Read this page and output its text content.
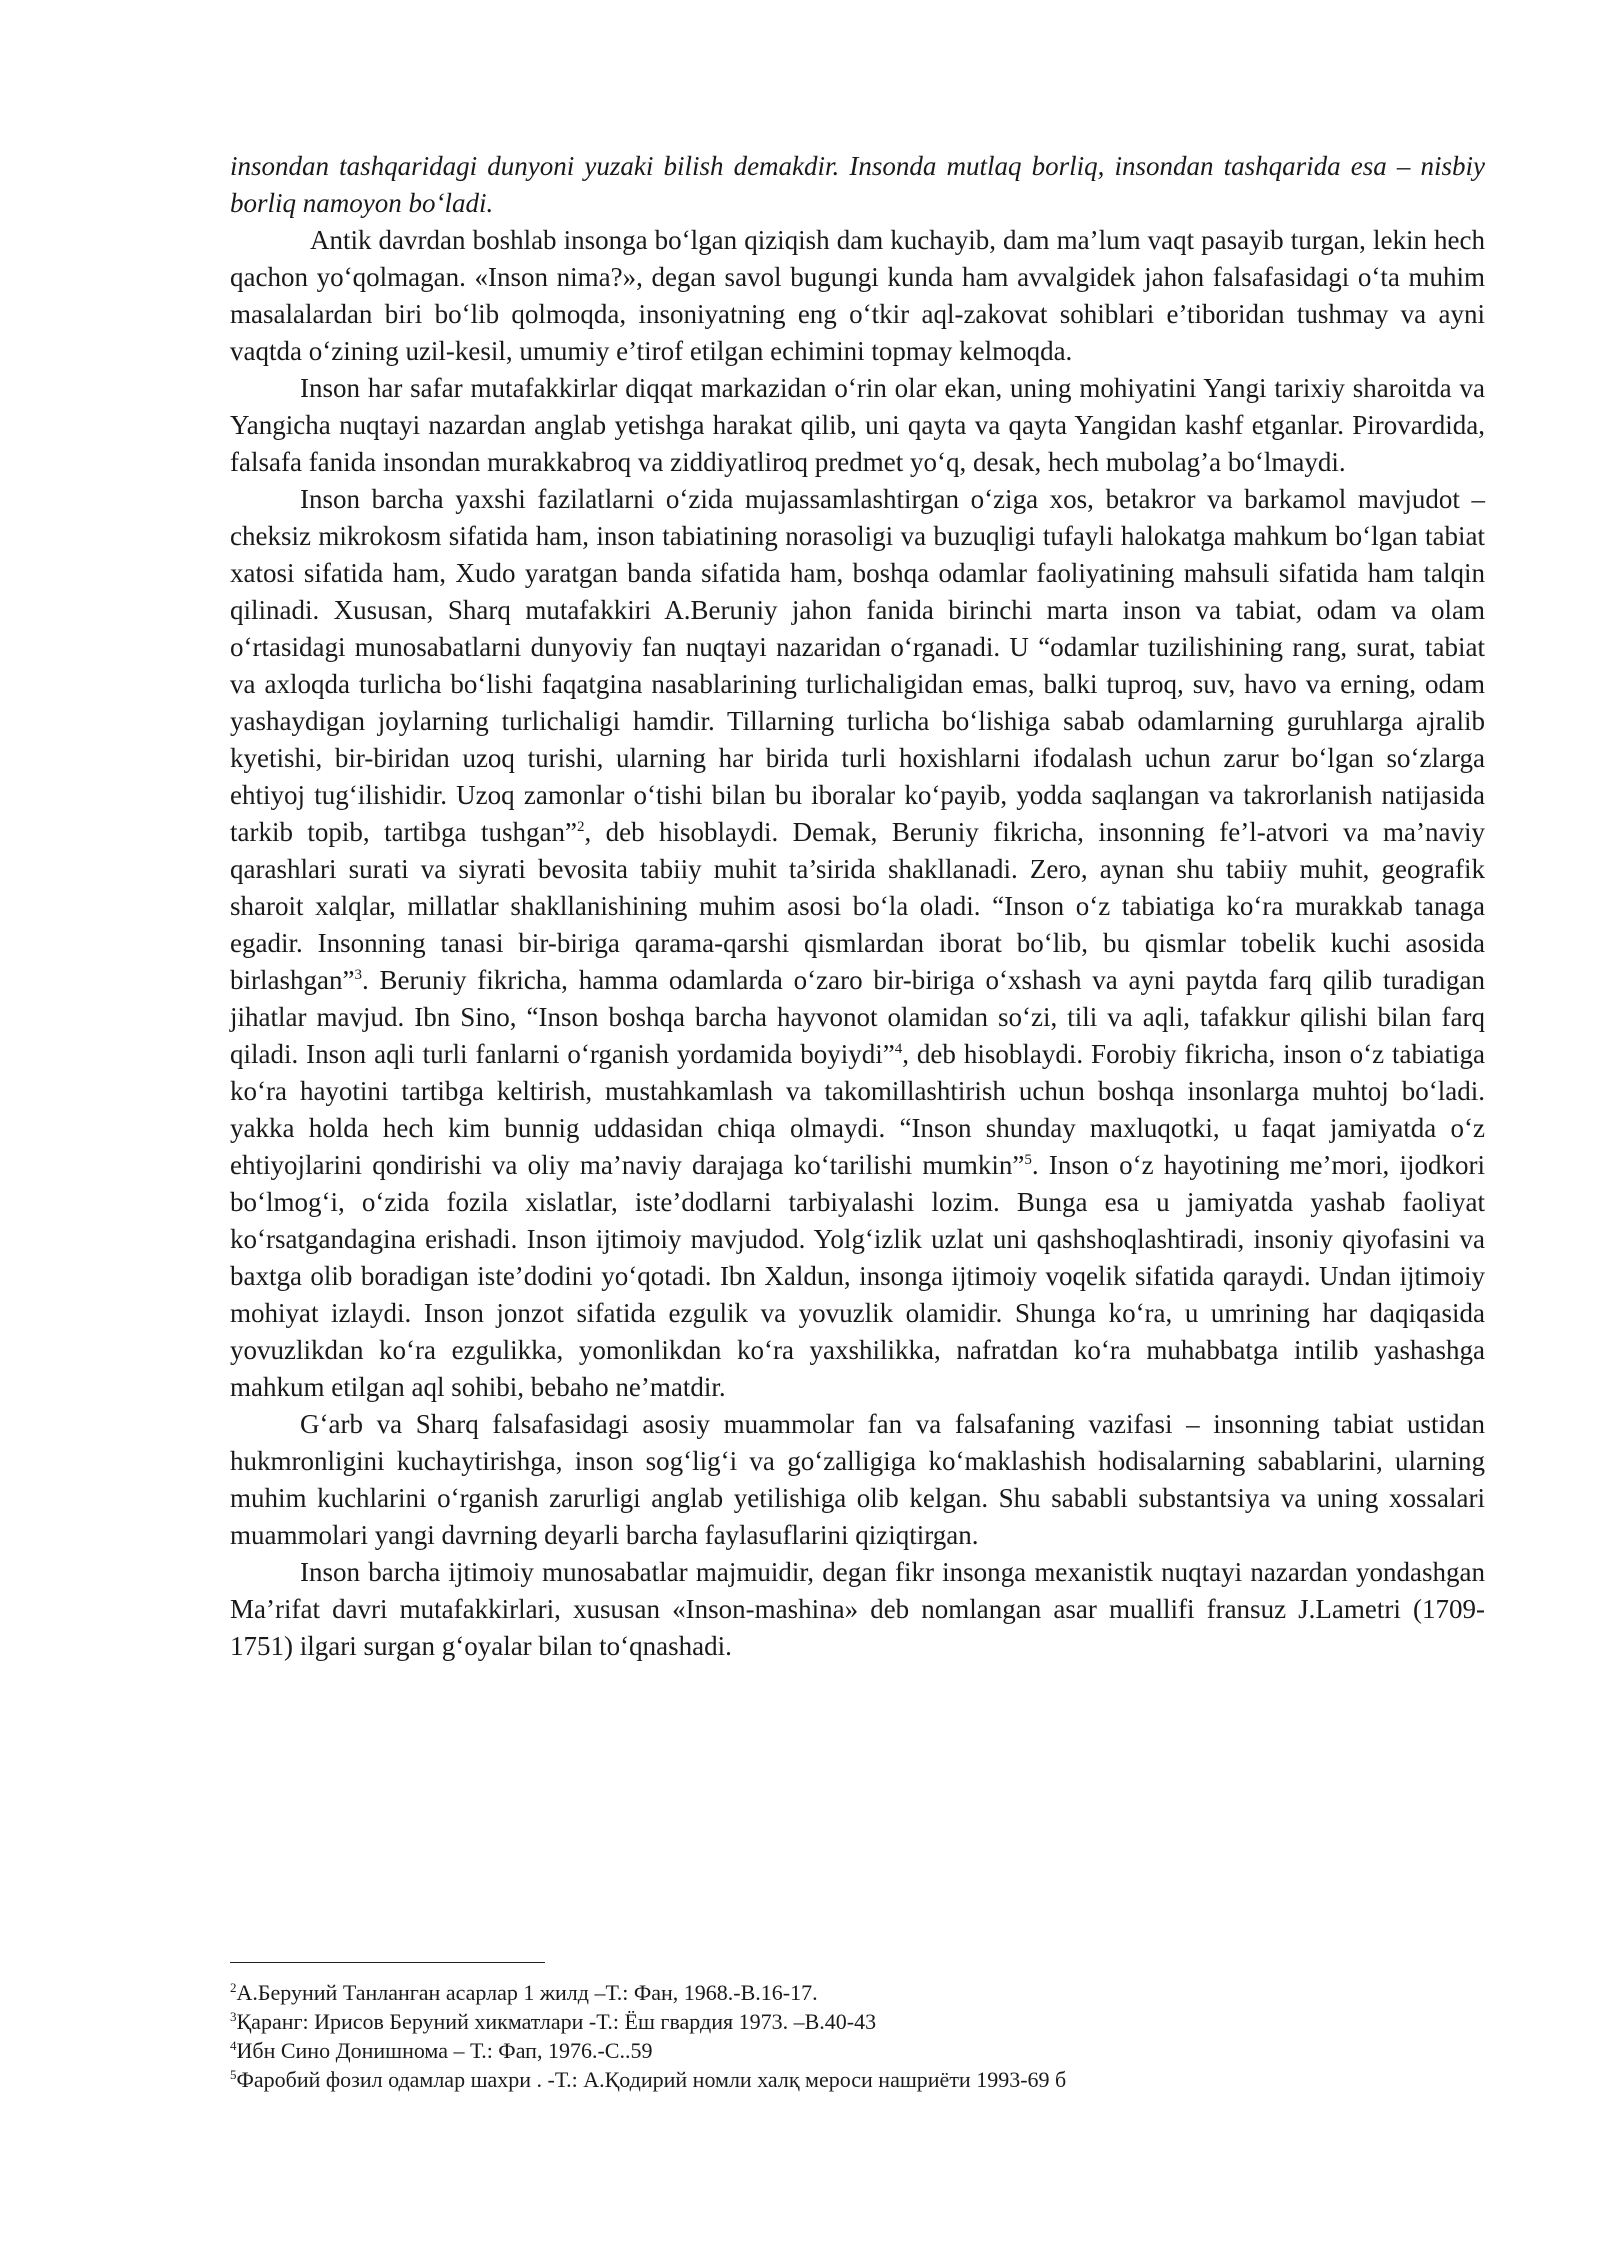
insondan tashqaridagi dunyoni yuzaki bilish demakdir. Insonda mutlaq borliq, insondan tashqarida esa – nisbiy borliq namoyon bo‘ladi.

Antik davrdan boshlab insonga bo‘lgan qiziqish dam kuchayib, dam ma’lum vaqt pasayib turgan, lekin hech qachon yo‘qolmagan. «Inson nima?», degan savol bugungi kunda ham avvalgidek jahon falsafasidagi o‘ta muhim masalalardan biri bo‘lib qolmoqda, insoniyatning eng o‘tkir aql-zakovat sohiblari e’tiboridan tushmay va ayni vaqtda o‘zining uzil-kesil, umumiy e’tirof etilgan echimini topmay kelmoqda.

Inson har safar mutafakkirlar diqqat markazidan o‘rin olar ekan, uning mohiyatini Yangi tarixiy sharoitda va Yangicha nuqtayi nazardan anglab yetishga harakat qilib, uni qayta va qayta Yangidan kashf etganlar. Pirovardida, falsafa fanida insondan murakkabroq va ziddiyatliroq predmet yo‘q, desak, hech mubolag’a bo‘lmaydi.

Inson barcha yaxshi fazilatlarni o‘zida mujassamlashtirgan o‘ziga xos, betakror va barkamol mavjudot – cheksiz mikrokosm sifatida ham, inson tabiatining norasoligi va buzuqligi tufayli halokatga mahkum bo‘lgan tabiat xatosi sifatida ham, Xudo yaratgan banda sifatida ham, boshqa odamlar faoliyatining mahsuli sifatida ham talqin qilinadi. Xususan, Sharq mutafakkiri A.Beruniy jahon fanida birinchi marta inson va tabiat, odam va olam o‘rtasidagi munosabatlarni dunyoviy fan nuqtayi nazaridan o‘rganadi. U “odamlar tuzilishining rang, surat, tabiat va axloqda turlicha bo‘lishi faqatgina nasablarining turlichaligidan emas, balki tuproq, suv, havo va erning, odam yashaydigan joylarning turlichaligi hamdir. Tillarning turlicha bo‘lishiga sabab odamlarning guruhlarga ajralib kyetishi, bir-biridan uzoq turishi, ularning har birida turli hoxishlarni ifodalash uchun zarur bo‘lgan so‘zlarga ehtiyoj tug‘ilishidir. Uzoq zamonlar o‘tishi bilan bu iboralar ko‘payib, yodda saqlangan va takrorlanish natijasida tarkib topib, tartibga tushgan”$^2$, deb hisoblaydi. Demak, Beruniy fikricha, insonning fe’l-atvori va ma’naviy qarashlari surati va siyrati bevosita tabiiy muhit ta’sirida shakllanadi. Zero, aynan shu tabiiy muhit, geografik sharoit xalqlar, millatlar shakllanishining muhim asosi bo‘la oladi. “Inson o‘z tabiatiga ko‘ra murakkab tanaga egadir. Insonning tanasi bir-biriga qarama-qarshi qismlardan iborat bo‘lib, bu qismlar tobelik kuchi asosida birlashgan”$^3$. Beruniy fikricha, hamma odamlarda o‘zaro bir-biriga o‘xshash va ayni paytda farq qilib turadigan jihatlar mavjud. Ibn Sino, “Inson boshqa barcha hayvonot olamidan so‘zi, tili va aqli, tafakkur qilishi bilan farq qiladi. Inson aqli turli fanlarni o‘rganish yordamida boyiydi”$^4$, deb hisoblaydi. Forobiy fikricha, inson o‘z tabiatiga ko‘ra hayotini tartibga keltirish, mustahkamlash va takomillashtirish uchun boshqa insonlarga muhtoj bo‘ladi. yakka holda hech kim bunnig uddasidan chiqa olmaydi. “Inson shunday maxluqotki, u faqat jamiyatda o‘z ehtiyojlarini qondirishi va oliy ma’naviy darajaga ko‘tarilishi mumkin”$^5$. Inson o‘z hayotining me’mori, ijodkori bo‘lmog‘i, o‘zida fozila xislatlar, iste’dodlarni tarbiyalashi lozim. Bunga esa u jamiyatda yashab faoliyat ko‘rsatgandagina erishadi. Inson ijtimoiy mavjudod. Yolg‘izlik uzlat uni qashshoqlashtiradi, insoniy qiyofasini va baxtga olib boradigan iste’dodini yo‘qotadi. Ibn Xaldun, insonga ijtimoiy voqelik sifatida qaraydi. Undan ijtimoiy mohiyat izlaydi. Inson jonzot sifatida ezgulik va yovuzlik olamidir. Shunga ko‘ra, u umrining har daqiqasida yovuzlikdan ko‘ra ezgulikka, yomonlikdan ko‘ra yaxshilikka, nafratdan ko‘ra muhabbatga intilib yashashga mahkum etilgan aql sohibi, bebaho ne’matdir.

G‘arb va Sharq falsafasidagi asosiy muammolar fan va falsafaning vazifasi – insonning tabiat ustidan hukmronligini kuchaytirishga, inson sog‘lig‘i va go‘zalligiga ko‘maklashish hodisalarning sabablarini, ularning muhim kuchlarini o‘rganish zarurligi anglab yetilishiga olib kelgan. Shu sababli substantsiya va uning xossalari muammolari yangi davrning deyarli barcha faylasuflarini qiziqtirgan.

Inson barcha ijtimoiy munosabatlar majmuidir, degan fikr insonga mexanistik nuqtayi nazardan yondashgan Ma’rifat davri mutafakkirlari, xususan «Inson-mashina» deb nomlangan asar muallifi fransuz J.Lametri (1709-1751) ilgari surgan g‘oyalar bilan to‘qnashadi.

$^2$А.Беруний Танланган асарлар 1 жилд –Т.: Фан, 1968.-В.16-17.
$^3$Қаранг: Ирисов Беруний хикматлари -Т.: Ёш гвардия 1973. –В.40-43
$^4$Ибн Сино Донишнома – Т.: Фап, 1976.-С..59
$^5$Фаробий фозил одамлар шахри . -Т.: А.Қодирий номли халқ мероси нашриёти 1993-69 б
